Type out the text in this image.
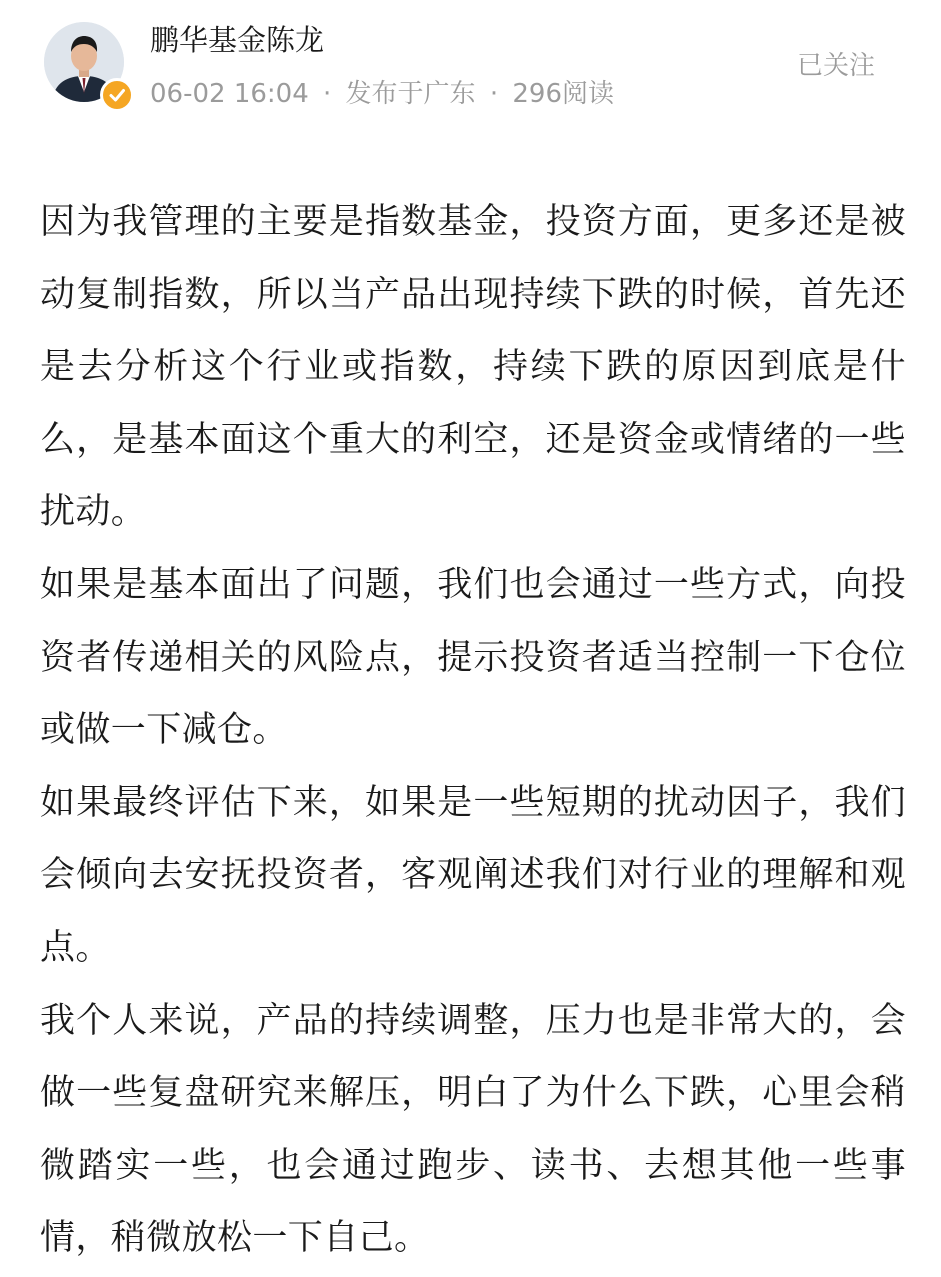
鹏华基金陈龙
06-02 16:04 · 发布于广东 · 296阅读
已关注

因为我管理的主要是指数基金，投资方面，更多还是被动复制指数，所以当产品出现持续下跌的时候，首先还是去分析这个行业或指数，持续下跌的原因到底是什么，是基本面这个重大的利空，还是资金或情绪的一些扰动。

如果是基本面出了问题，我们也会通过一些方式，向投资者传递相关的风险点，提示投资者适当控制一下仓位或做一下减仓。

如果最终评估下来，如果是一些短期的扰动因子，我们会倾向去安抚投资者，客观阐述我们对行业的理解和观点。

我个人来说，产品的持续调整，压力也是非常大的，会做一些复盘研究来解压，明白了为什么下跌，心里会稍微踏实一些，也会通过跑步、读书、去想其他一些事情，稍微放松一下自己。
